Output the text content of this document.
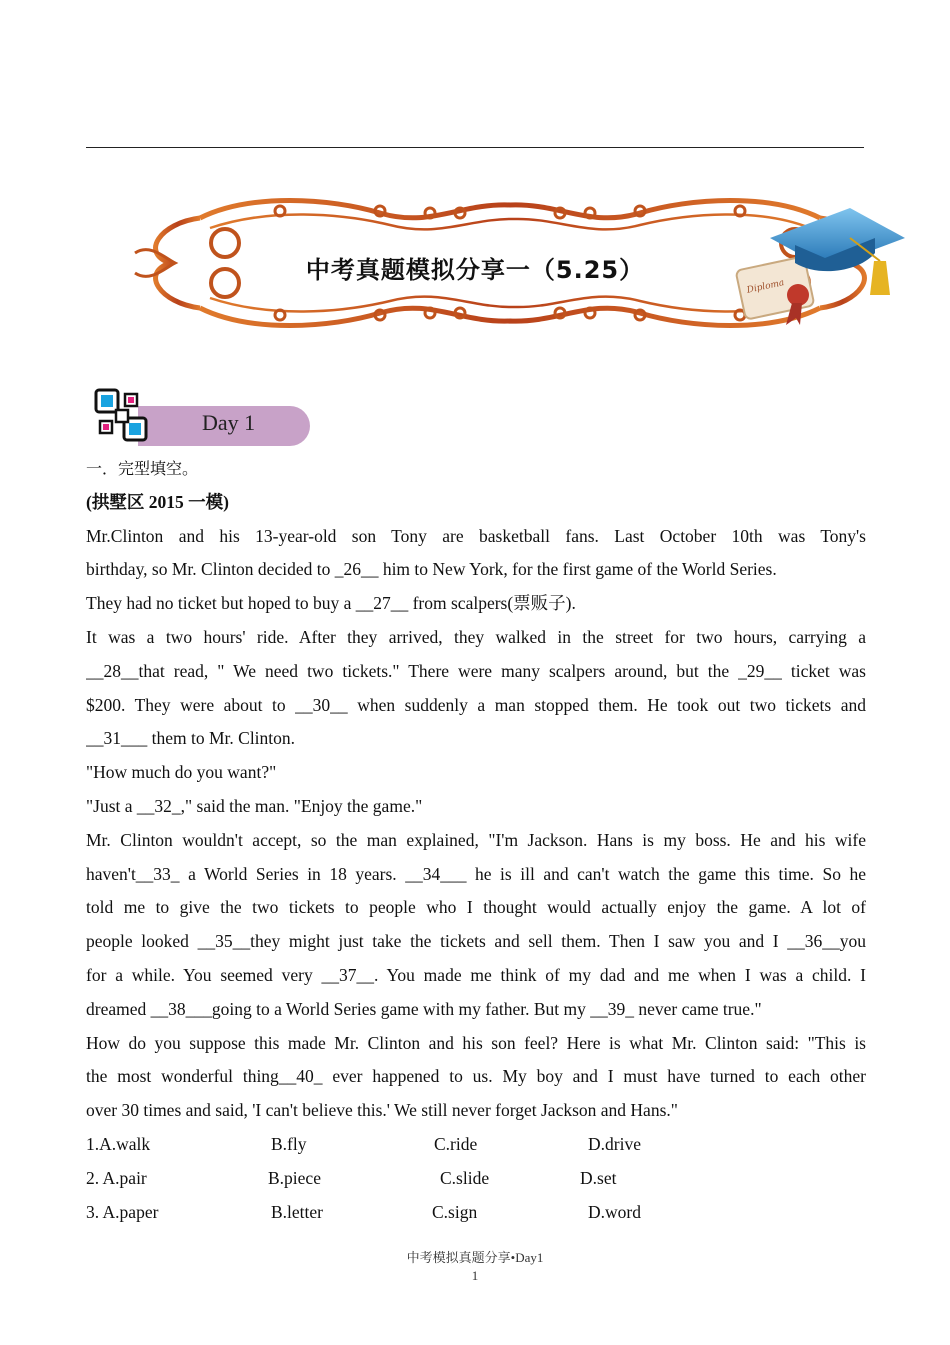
Diploma
中考真题模拟分享一（5.25）
Day 1
一．完型填空。
(拱墅区 2015 一模)
Mr.Clinton and his 13-year-old son Tony are basketball fans. Last October 10th was Tony's
birthday, so Mr. Clinton decided to _26__ him to New York, for the first game of the World Series.
They had no ticket but hoped to buy a __27__ from scalpers(票贩子).
It was a two hours' ride. After they arrived, they walked in the street for two hours, carrying a
__28__that read, " We need two tickets." There were many scalpers around, but the _29__ ticket was
$200. They were about to __30__ when suddenly a man stopped them. He took out two tickets and
__31___ them to Mr. Clinton.
"How much do you want?"
"Just a __32_," said the man. "Enjoy the game."
Mr. Clinton wouldn't accept, so the man explained, "I'm Jackson. Hans is my boss. He and his wife
haven't__33_ a World Series in 18 years. __34___ he is ill and can't watch the game this time. So he
told me to give the two tickets to people who I thought would actually enjoy the game. A lot of
people looked __35__they might just take the tickets and sell them. Then I saw you and I __36__you
for a while. You seemed very __37__. You made me think of my dad and me when I was a child. I
dreamed __38___going to a World Series game with my father. But my __39_ never came true."
How do you suppose this made Mr. Clinton and his son feel? Here is what Mr. Clinton said: "This is
the most wonderful thing__40_ ever happened to us. My boy and I must have turned to each other
over 30 times and said, 'I can't believe this.' We still never forget Jackson and Hans."
1.A.walk	B.fly	C.ride	D.drive
2. A.pair	B.piece	C.slide	D.set
3. A.paper	B.letter	C.sign	D.word
中考模拟真题分享•Day1
1
